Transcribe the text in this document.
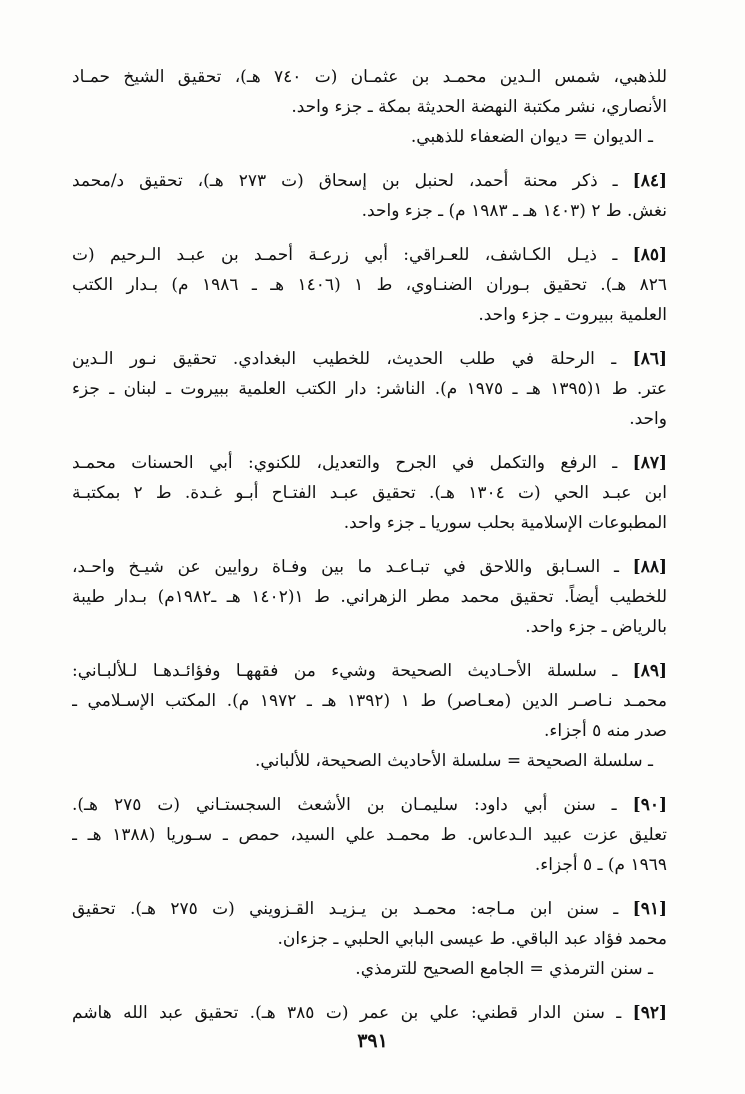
للذهبي، شمس الـدين محمـد بن عثمـان (ت ٧٤٠ هـ)، تحقيق الشيخ حمـاد
الأنصاري، نشر مكتبة النهضة الحديثة بمكة ـ جزء واحد.
ـ الديوان = ديوان الضعفاء للذهبي.
[٨٤] ـ ذكر محنة أحمد، لحنبل بن إسحاق (ت ٢٧٣ هـ)، تحقيق د/محمد
نغش. ط ٢ (١٤٠٣ هـ ـ ١٩٨٣ م) ـ جزء واحد.
[٨٥] ـ ذيـل الكـاشف، للعـراقي: أبي زرعـة أحمـد بن عبـد الـرحيم (ت
٨٢٦ هـ). تحقيق بـوران الضنـاوي، ط ١ (١٤٠٦ هـ ـ ١٩٨٦ م) بـدار الكتب
العلمية ببيروت ـ جزء واحد.
[٨٦] ـ الرحلة في طلب الحديث، للخطيب البغدادي. تحقيق نـور الـدين
عتر. ط ١(١٣٩٥ هـ ـ ١٩٧٥ م). الناشر: دار الكتب العلمية ببيروت ـ لبنان ـ جزء
واحد.
[٨٧] ـ الرفع والتكمل في الجرح والتعديل، للكنوي: أبي الحسنات محمـد
ابن عبـد الحي (ت ١٣٠٤ هـ). تحقيق عبـد الفتـاح أبـو غـدة. ط ٢ بمكتبـة
المطبوعات الإسلامية بحلب سوريا ـ جزء واحد.
[٨٨] ـ السـابق واللاحق في تبـاعـد ما بين وفـاة روايين عن شيـخ واحـد،
للخطيب أيضاً. تحقيق محمد مطر الزهراني. ط ١(١٤٠٢ هـ ـ١٩٨٢م) بـدار طيبة
بالرياض ـ جزء واحد.
[٨٩] ـ سلسلة الأحـاديث الصحيحة وشيء من فقههـا وفؤائـدهـا لـلألبـاني:
محمـد نـاصـر الدين (معـاصر) ط ١ (١٣٩٢ هـ ـ ١٩٧٢ م). المكتب الإسـلامي ـ
صدر منه ٥ أجزاء.
ـ سلسلة الصحيحة = سلسلة الأحاديث الصحيحة، للألباني.
[٩٠] ـ سنن أبي داود: سليمـان بن الأشعث السجستـاني (ت ٢٧٥ هـ).
تعليق عزت عبيد الـدعاس. ط محمـد علي السيد، حمص ـ سـوريا (١٣٨٨ هـ ـ
١٩٦٩ م) ـ ٥ أجزاء.
[٩١] ـ سنن ابن مـاجه: محمـد بن يـزيـد القـزويني (ت ٢٧٥ هـ). تحقيق
محمد فؤاد عبد الباقي. ط عيسى البابي الحلبي ـ جزءان.
ـ سنن الترمذي = الجامع الصحيح للترمذي.
[٩٢] ـ سنن الدار قطني: علي بن عمر (ت ٣٨٥ هـ). تحقيق عبد الله هاشم
٣٩١
